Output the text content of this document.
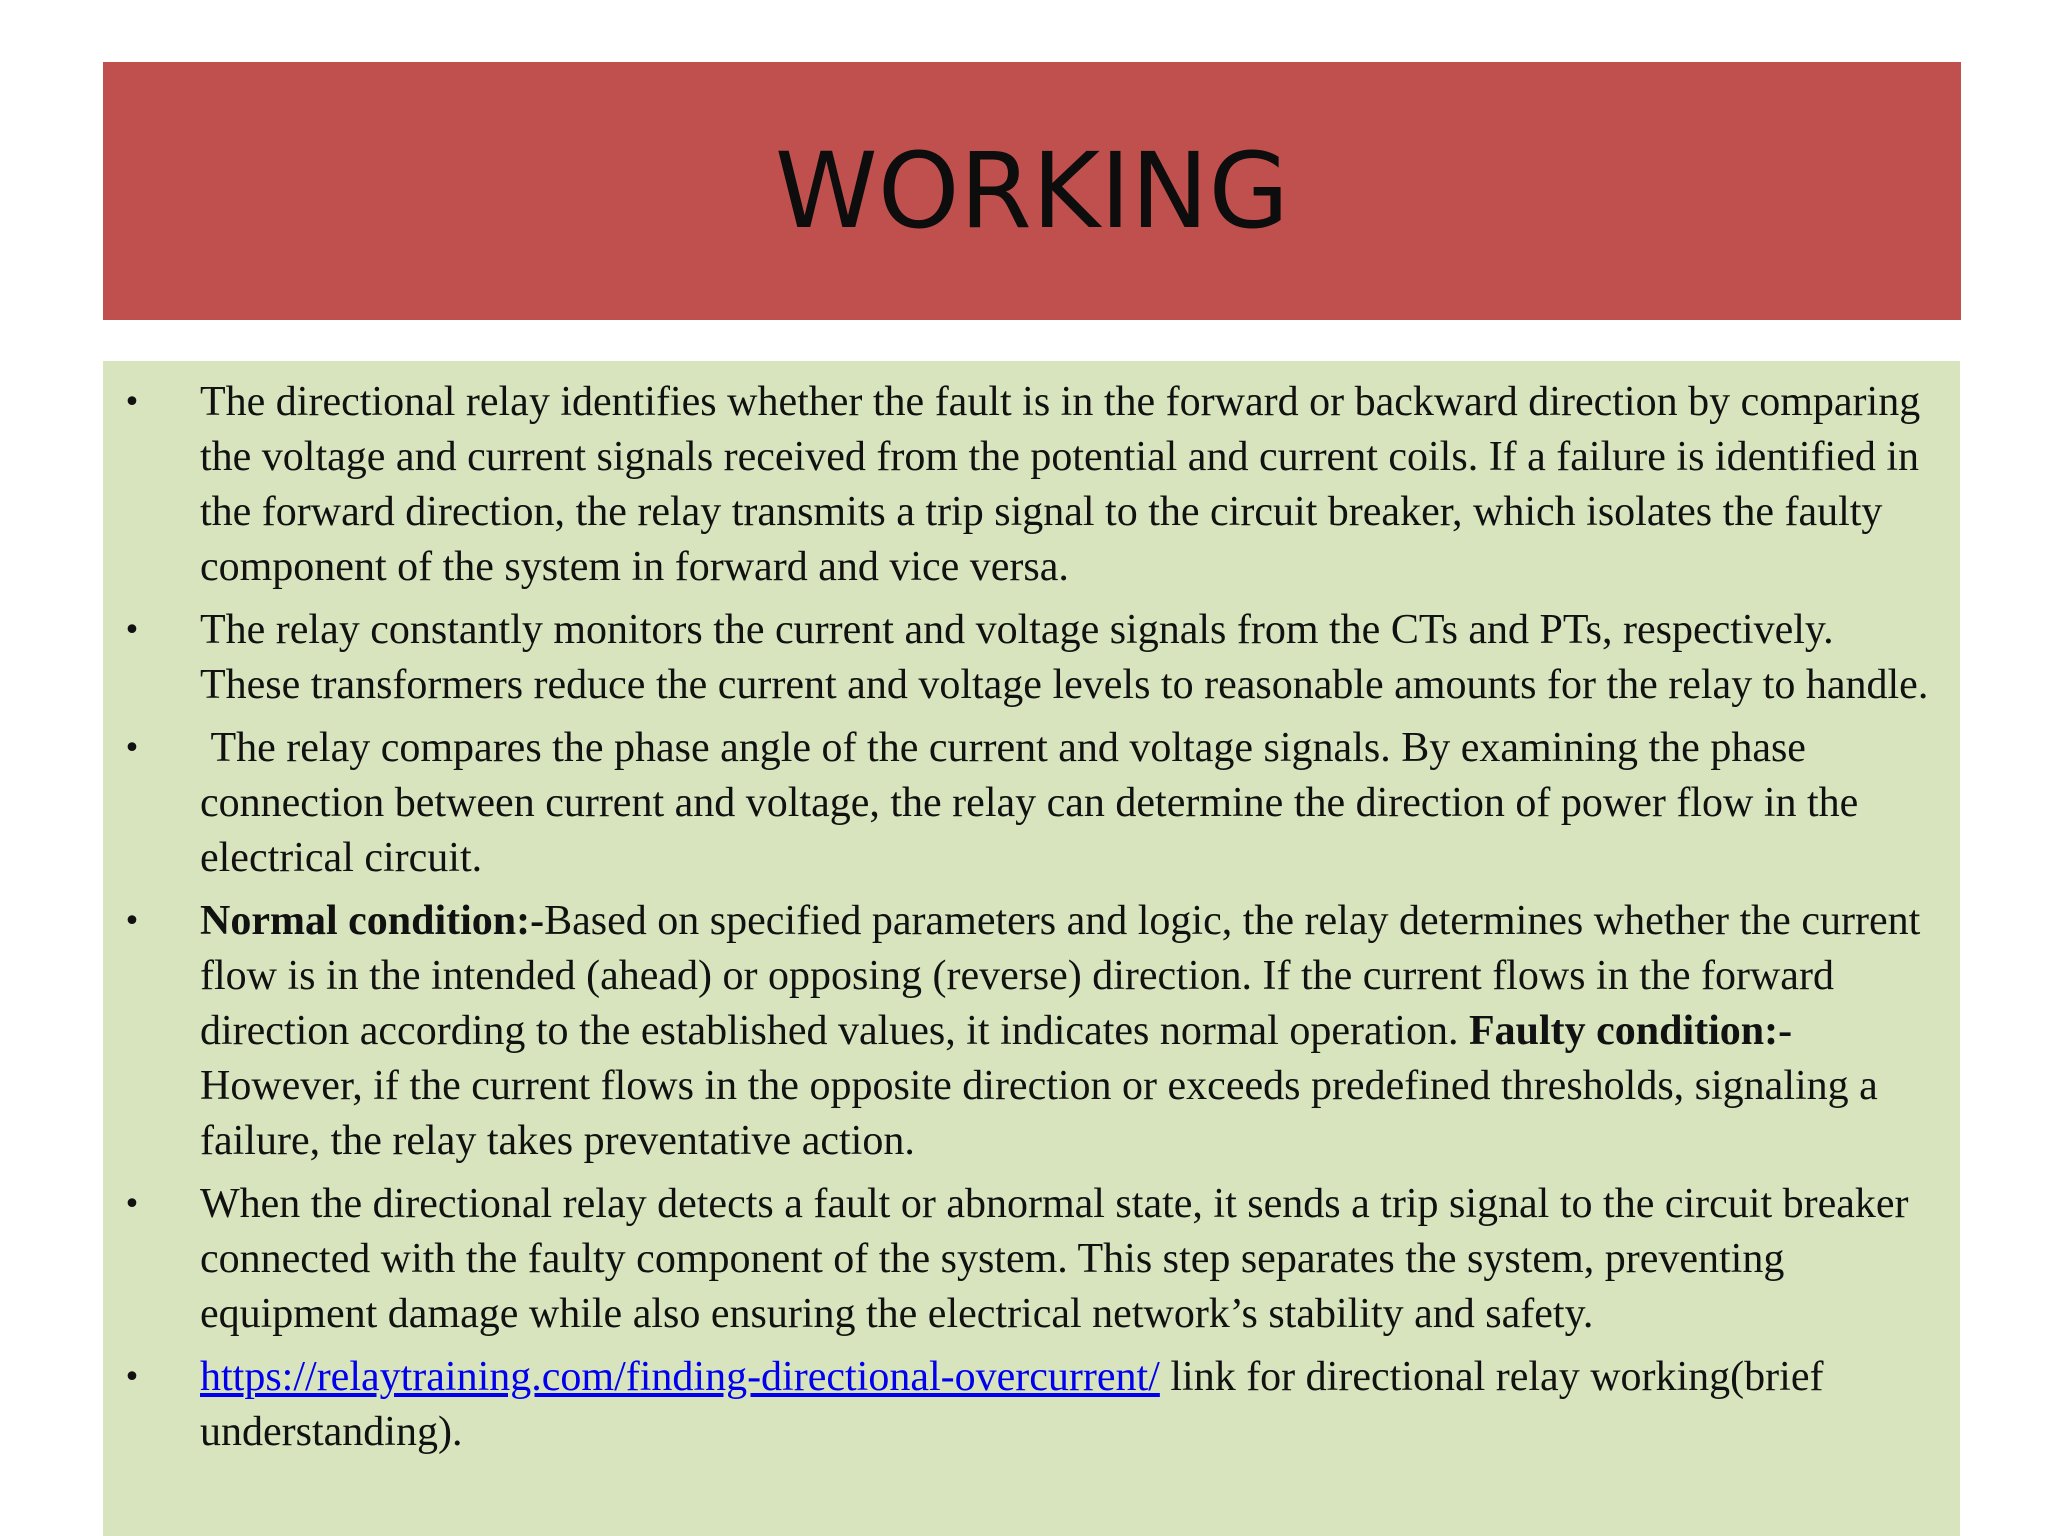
WORKING
• The directional relay identifies whether the fault is in the forward or backward direction by comparing the voltage and current signals received from the potential and current coils. If a failure is identified in the forward direction, the relay transmits a trip signal to the circuit breaker, which isolates the faulty component of the system in forward and vice versa.
• The relay constantly monitors the current and voltage signals from the CTs and PTs, respectively. These transformers reduce the current and voltage levels to reasonable amounts for the relay to handle.
• The relay compares the phase angle of the current and voltage signals. By examining the phase connection between current and voltage, the relay can determine the direction of power flow in the electrical circuit.
• Normal condition:-Based on specified parameters and logic, the relay determines whether the current flow is in the intended (ahead) or opposing (reverse) direction. If the current flows in the forward direction according to the established values, it indicates normal operation. Faulty condition:-However, if the current flows in the opposite direction or exceeds predefined thresholds, signaling a failure, the relay takes preventative action.
• When the directional relay detects a fault or abnormal state, it sends a trip signal to the circuit breaker connected with the faulty component of the system. This step separates the system, preventing equipment damage while also ensuring the electrical network’s stability and safety.
• https://relaytraining.com/finding-directional-overcurrent/ link for directional relay working(brief understanding).
